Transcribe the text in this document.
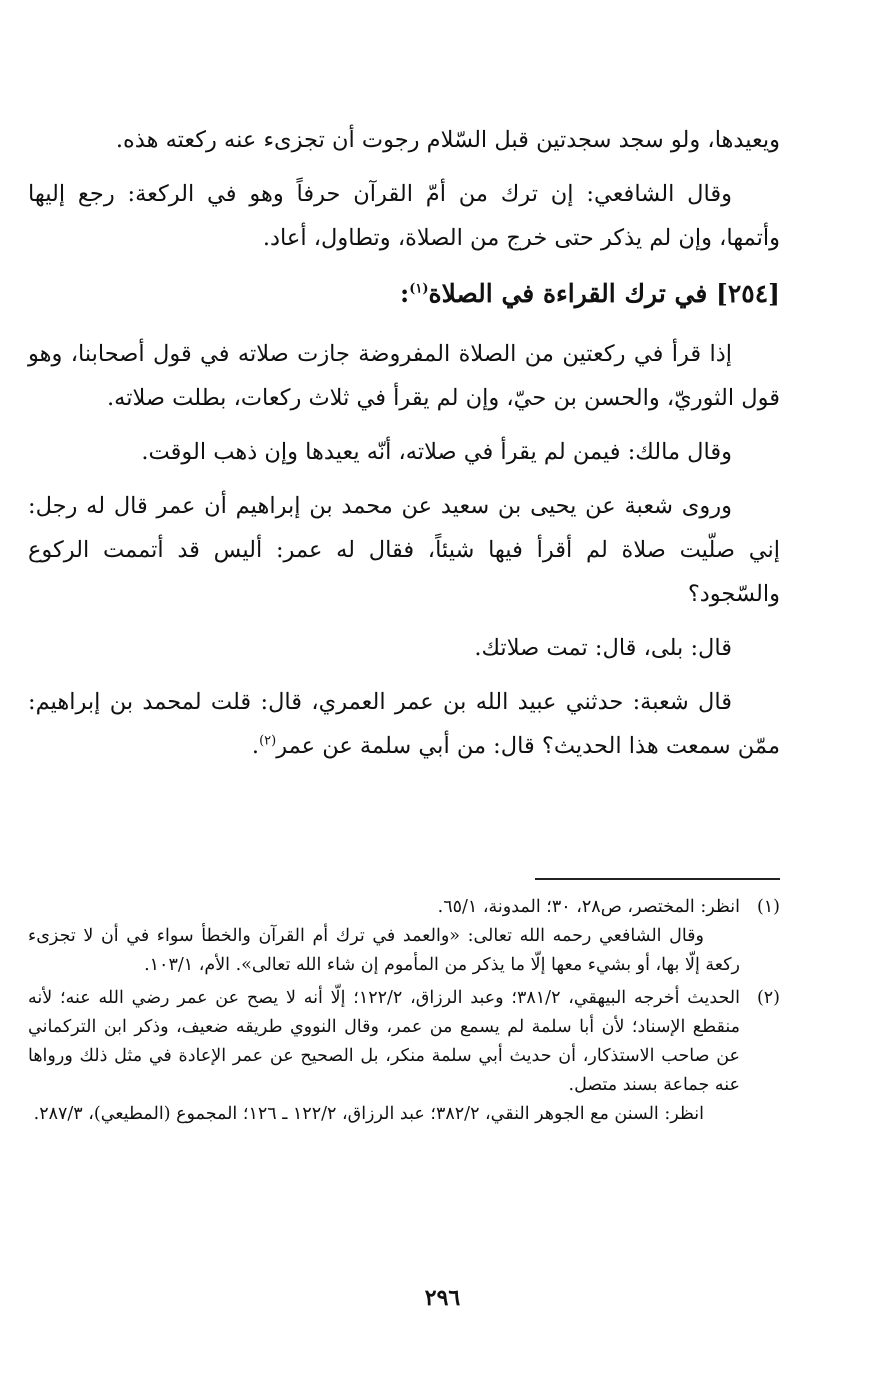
ويعيدها، ولو سجد سجدتين قبل السّلام رجوت أن تجزىء عنه ركعته هذه.

وقال الشافعي: إن ترك من أمّ القرآن حرفاً وهو في الركعة: رجع إليها وأتمها، وإن لم يذكر حتى خرج من الصلاة، وتطاول، أعاد.

[٢٥٤] في ترك القراءة في الصلاة$^{(١)}$:

إذا قرأ في ركعتين من الصلاة المفروضة جازت صلاته في قول أصحابنا، وهو قول الثوريّ، والحسن بن حيّ، وإن لم يقرأ في ثلاث ركعات، بطلت صلاته.

وقال مالك: فيمن لم يقرأ في صلاته، أنّه يعيدها وإن ذهب الوقت.

وروى شعبة عن يحيى بن سعيد عن محمد بن إبراهيم أن عمر قال له رجل: إني صلّيت صلاة لم أقرأ فيها شيئاً، فقال له عمر: أليس قد أتممت الركوع والسّجود؟

قال: بلى، قال: تمت صلاتك.

قال شعبة: حدثني عبيد الله بن عمر العمري، قال: قلت لمحمد بن إبراهيم: ممّن سمعت هذا الحديث؟ قال: من أبي سلمة عن عمر$^{(٢)}$.

(١)

انظر: المختصر، ص٢٨، ٣٠؛ المدونة، ٦٥/١.

وقال الشافعي رحمه الله تعالى: «والعمد في ترك أم القرآن والخطأ سواء في أن لا تجزىء ركعة إلّا بها، أو بشيء معها إلّا ما يذكر من المأموم إن شاء الله تعالى». الأم، ١٠٣/١.

(٢)

الحديث أخرجه البيهقي، ٣٨١/٢؛ وعبد الرزاق، ١٢٢/٢؛ إلّا أنه لا يصح عن عمر رضي الله عنه؛ لأنه منقطع الإسناد؛ لأن أبا سلمة لم يسمع من عمر، وقال النووي طريقه ضعيف، وذكر ابن التركماني عن صاحب الاستذكار، أن حديث أبي سلمة منكر، بل الصحيح عن عمر الإعادة في مثل ذلك ورواها عنه جماعة بسند متصل.

انظر: السنن مع الجوهر النقي، ٣٨٢/٢؛ عبد الرزاق، ١٢٢/٢ ـ ١٢٦؛ المجموع (المطيعي)، ٢٨٧/٣.

٢٩٦
